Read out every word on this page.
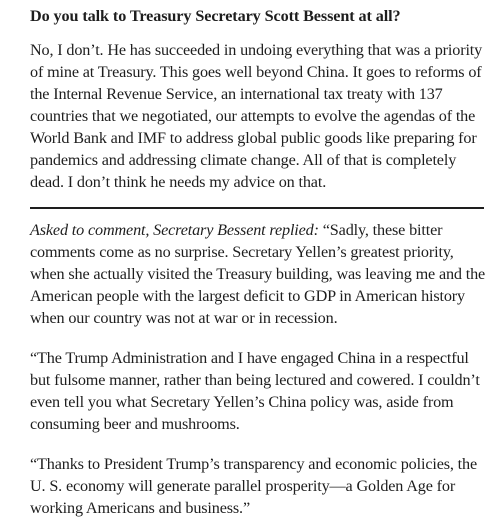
Do you talk to Treasury Secretary Scott Bessent at all?

No, I don’t. He has succeeded in undoing everything that was a priority of mine at Treasury. This goes well beyond China. It goes to reforms of the Internal Revenue Service, an international tax treaty with 137 countries that we negotiated, our attempts to evolve the agendas of the World Bank and IMF to address global public goods like preparing for pandemics and addressing climate change. All of that is completely dead. I don’t think he needs my advice on that.

Asked to comment, Secretary Bessent replied: “Sadly, these bitter comments come as no surprise. Secretary Yellen’s greatest priority, when she actually visited the Treasury building, was leaving me and the American people with the largest deficit to GDP in American history when our country was not at war or in recession.

“The Trump Administration and I have engaged China in a respectful but fulsome manner, rather than being lectured and cowered. I couldn’t even tell you what Secretary Yellen’s China policy was, aside from consuming beer and mushrooms.

“Thanks to President Trump’s transparency and economic policies, the U. S. economy will generate parallel prosperity—a Golden Age for working Americans and business.”
